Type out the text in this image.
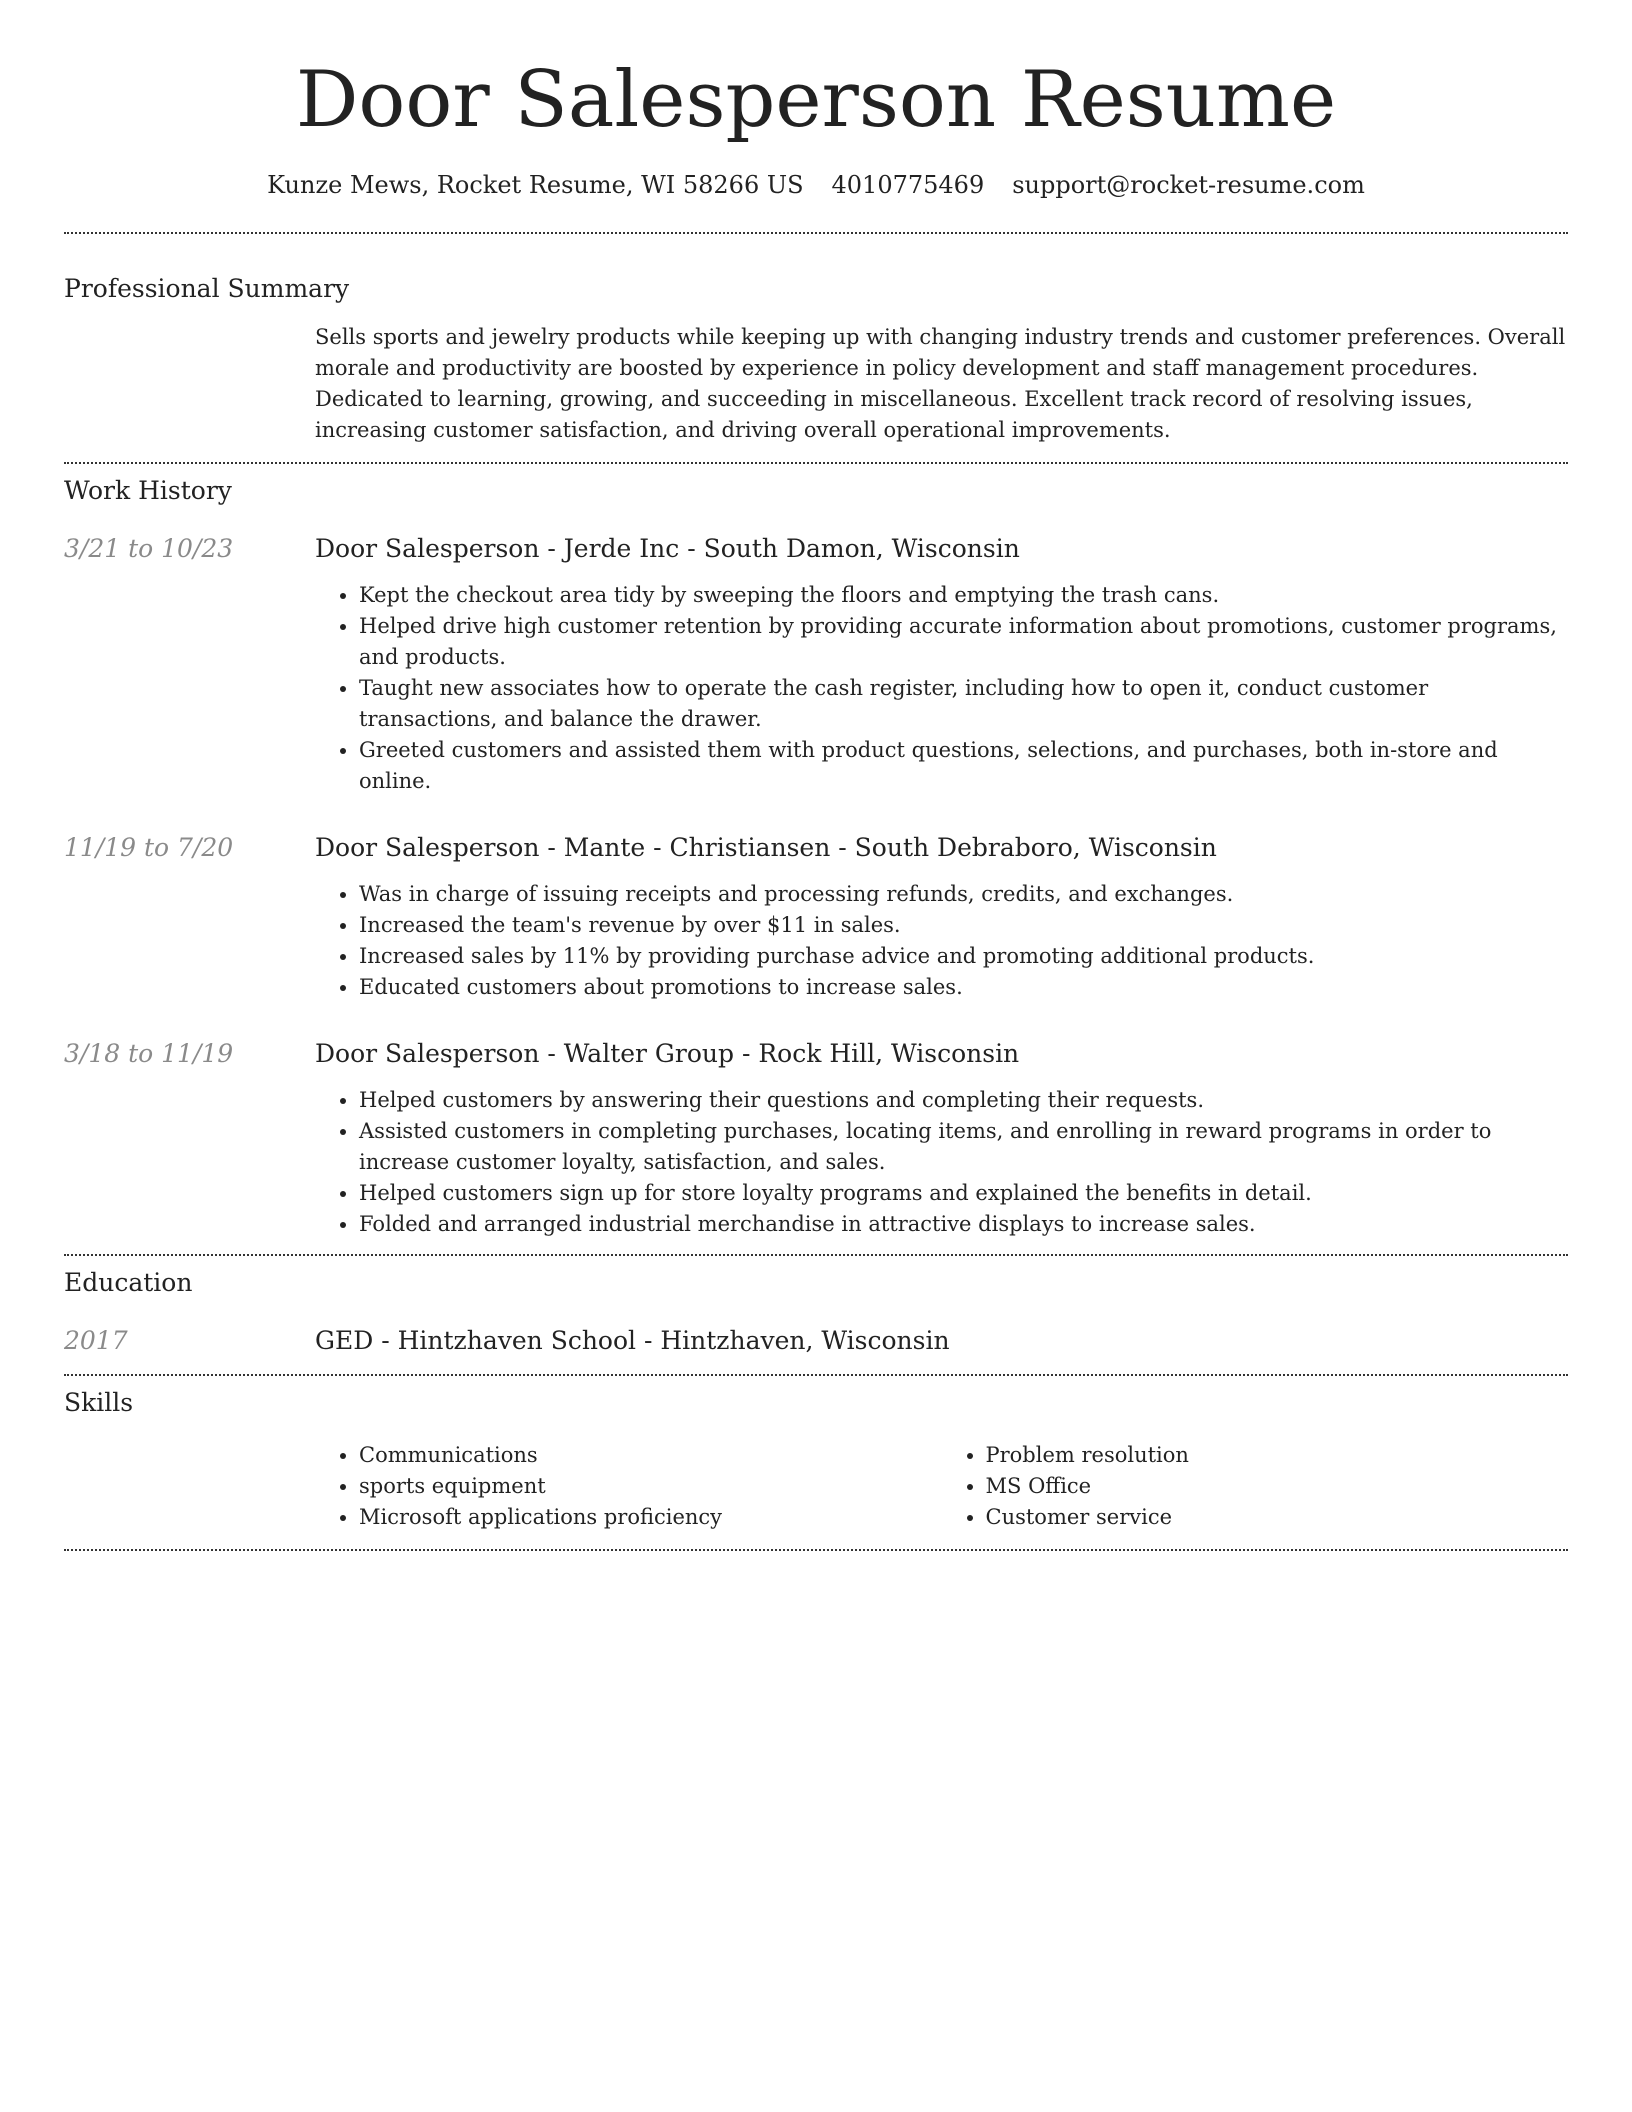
Door Salesperson Resume
Kunze Mews, Rocket Resume, WI 58266 US 4010775469 support@rocket-resume.com
Professional Summary

Sells sports and jewelry products while keeping up with changing industry trends and customer preferences. Overall morale and productivity are boosted by experience in policy development and staff management procedures. Dedicated to learning, growing, and succeeding in miscellaneous. Excellent track record of resolving issues, increasing customer satisfaction, and driving overall operational improvements.

Work History
3/21 to 10/23	Door Salesperson - Jerde Inc - South Damon, Wisconsin
• Kept the checkout area tidy by sweeping the floors and emptying the trash cans.
• Helped drive high customer retention by providing accurate information about promotions, customer programs, and products.
• Taught new associates how to operate the cash register, including how to open it, conduct customer transactions, and balance the drawer.
• Greeted customers and assisted them with product questions, selections, and purchases, both in-store and online.
11/19 to 7/20	Door Salesperson - Mante - Christiansen - South Debraboro, Wisconsin
• Was in charge of issuing receipts and processing refunds, credits, and exchanges.
• Increased the team's revenue by over $11 in sales.
• Increased sales by 11% by providing purchase advice and promoting additional products.
• Educated customers about promotions to increase sales.
3/18 to 11/19	Door Salesperson - Walter Group - Rock Hill, Wisconsin
• Helped customers by answering their questions and completing their requests.
• Assisted customers in completing purchases, locating items, and enrolling in reward programs in order to increase customer loyalty, satisfaction, and sales.
• Helped customers sign up for store loyalty programs and explained the benefits in detail.
• Folded and arranged industrial merchandise in attractive displays to increase sales.
Education
2017	GED - Hintzhaven School - Hintzhaven, Wisconsin
Skills
• Communications
• sports equipment
• Microsoft applications proficiency
• Problem resolution
• MS Office
• Customer service
